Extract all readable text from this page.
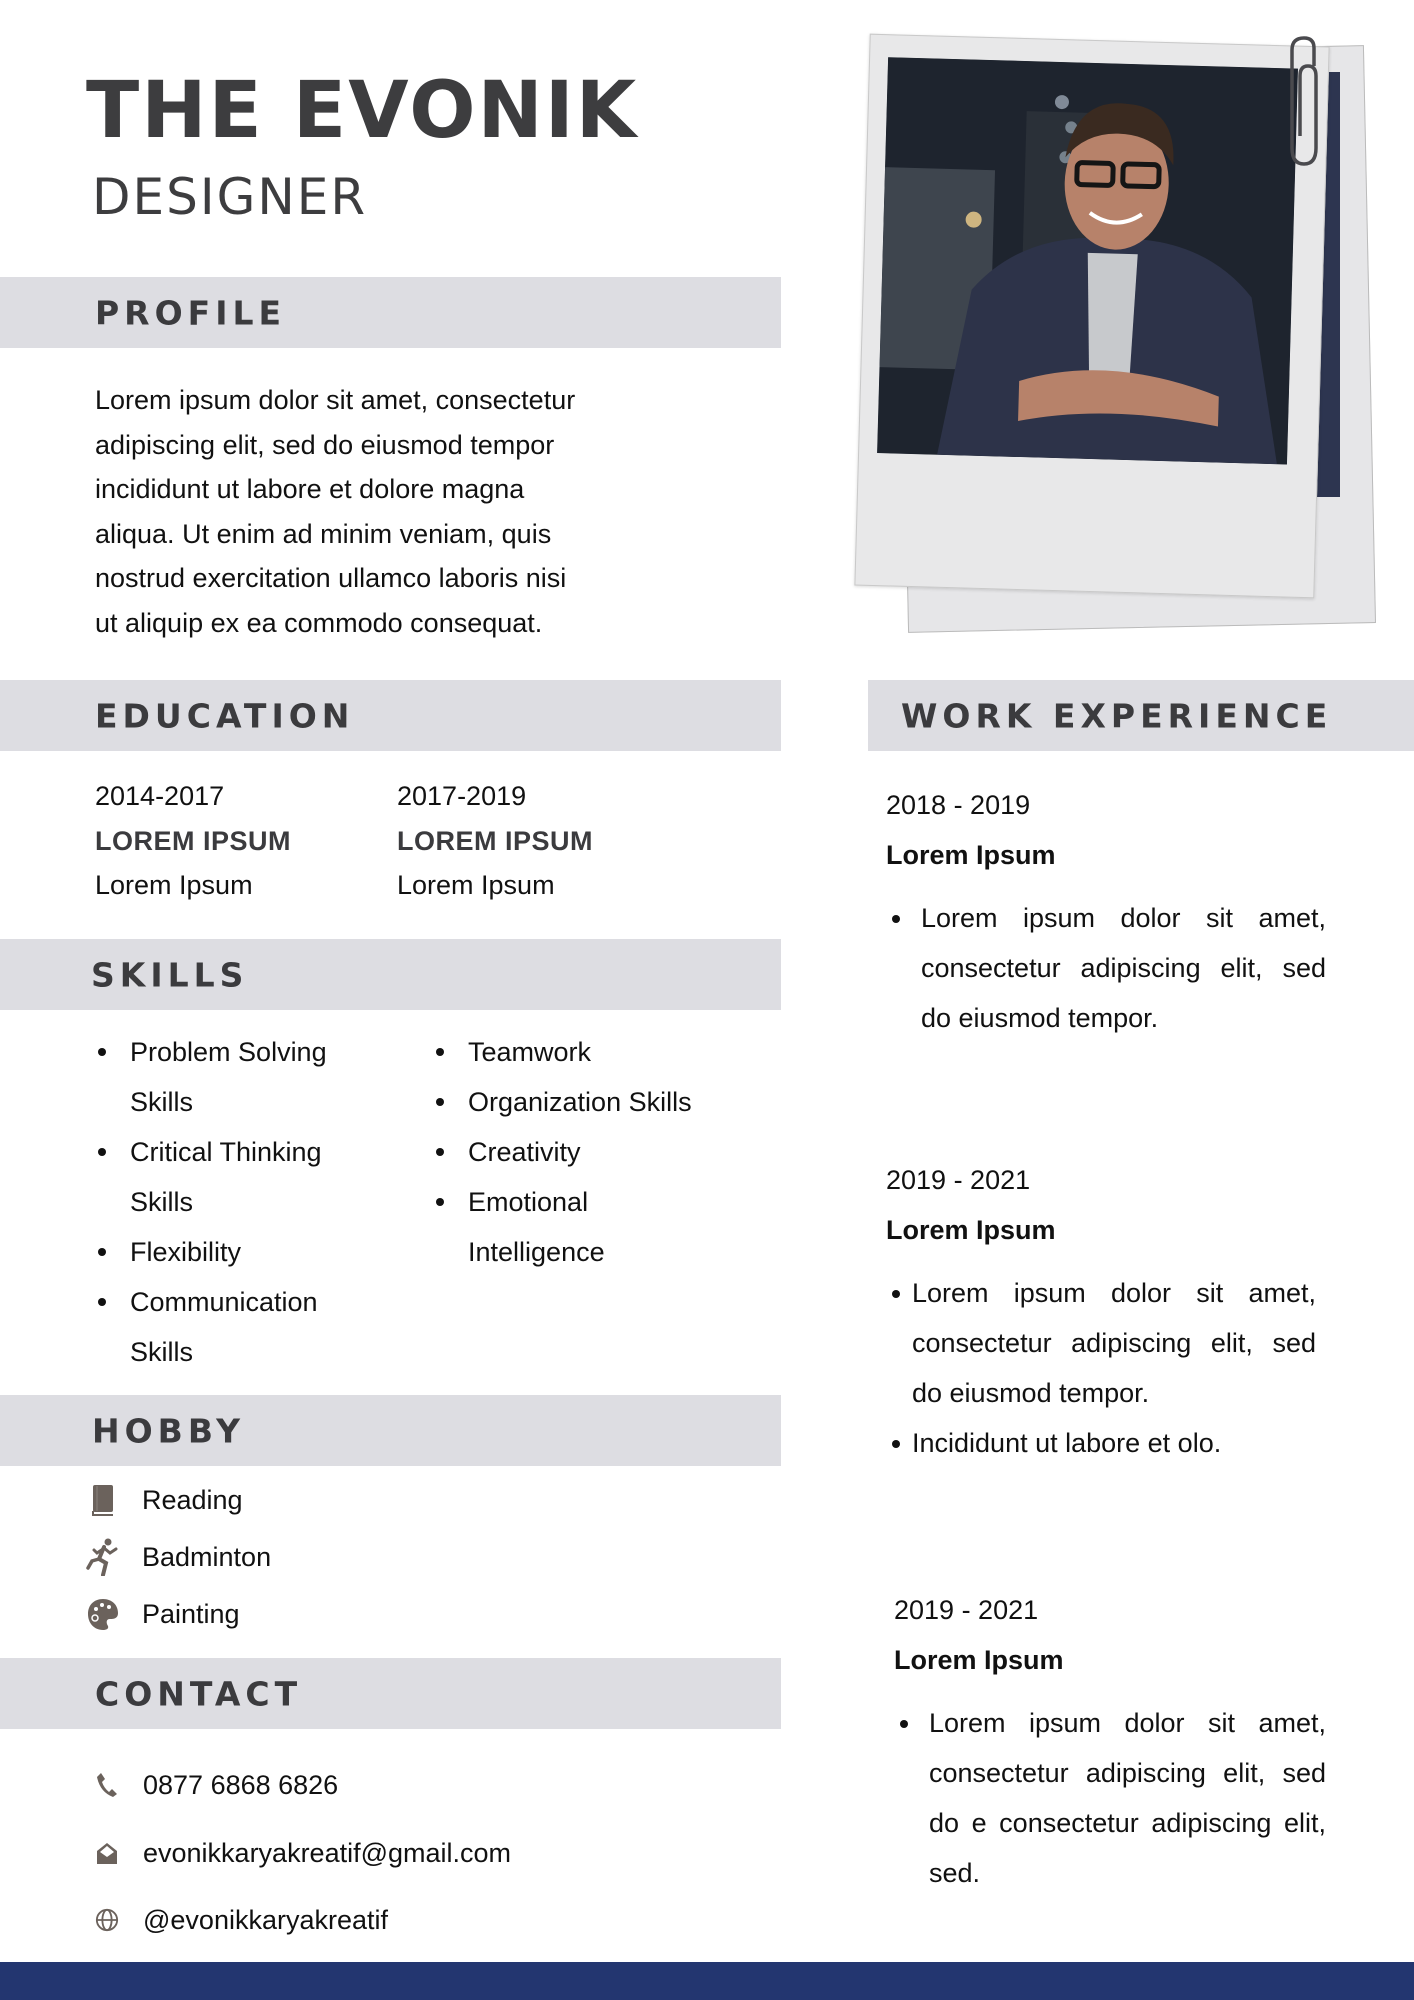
THE EVONIK
DESIGNER
PROFILE
Lorem ipsum dolor sit amet, consectetur
adipiscing elit, sed do eiusmod tempor
incididunt ut labore et dolore magna
aliqua. Ut enim ad minim veniam, quis
nostrud exercitation ullamco laboris nisi
ut aliquip ex ea commodo consequat.
EDUCATION
2014-2017
LOREM IPSUM
Lorem Ipsum
2017-2019
LOREM IPSUM
Lorem Ipsum
SKILLS
Problem Solving
Skills
Critical Thinking
Skills
Flexibility
Communication
Skills
Teamwork
Organization Skills
Creativity
Emotional
Intelligence
HOBBY
Reading
Badminton
Painting
CONTACT
0877 6868 6826
evonikkaryakreatif@gmail.com
@evonikkaryakreatif
WORK EXPERIENCE
2018 - 2019
Lorem Ipsum
Lorem ipsum dolor sit amet, consectetur adipiscing elit, sed do eiusmod tempor.
2019 - 2021
Lorem Ipsum
Lorem ipsum dolor sit amet, consectetur adipiscing elit, sed do eiusmod tempor.
Incididunt ut labore et olo.
2019 - 2021
Lorem Ipsum
Lorem ipsum dolor sit amet, consectetur adipiscing elit, sed do e consectetur adipiscing elit, sed.
